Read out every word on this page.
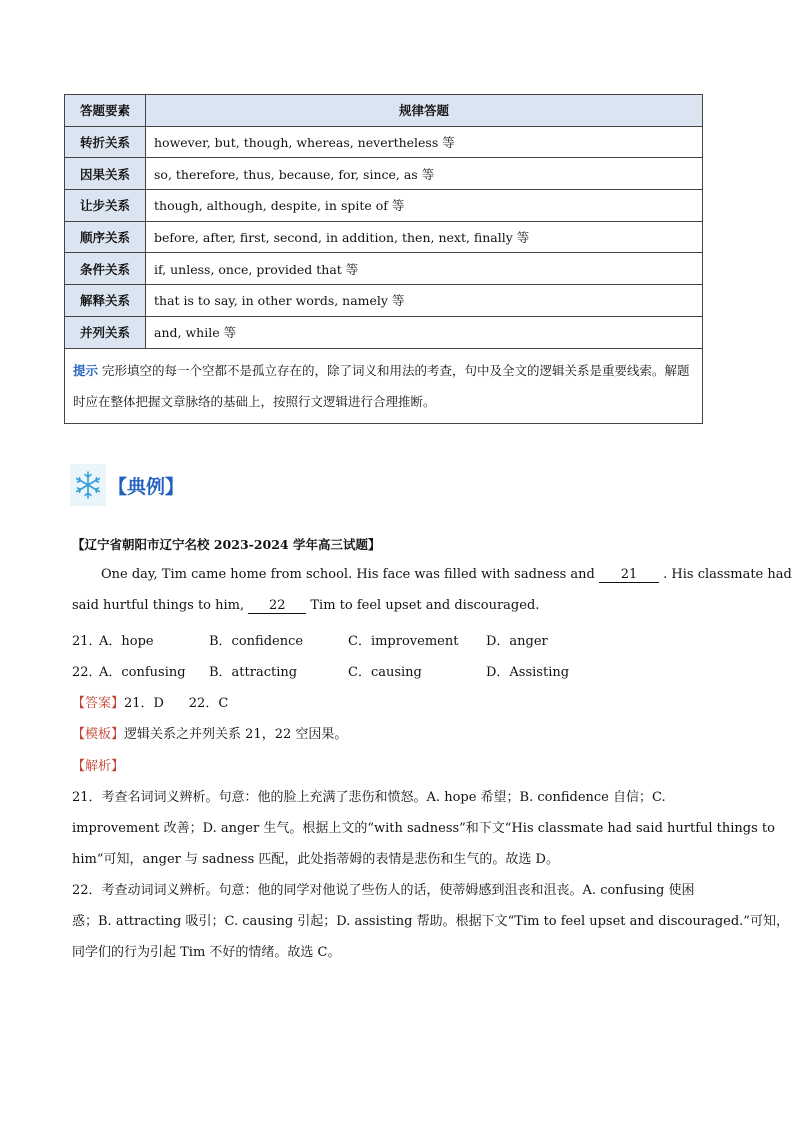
答题要素	规律答题
转折关系	however, but, though, whereas, nevertheless 等
因果关系	so, therefore, thus, because, for, since, as 等
让步关系	though, although, despite, in spite of 等
顺序关系	before, after, first, second, in addition, then, next, finally 等
条件关系	if, unless, once, provided that 等
解释关系	that is to say, in other words, namely 等
并列关系	and, while 等
提示 完形填空的每一个空都不是孤立存在的，除了词义和用法的考查，句中及全文的逻辑关系是重要线索。解题时应在整体把握文章脉络的基础上，按照行文逻辑进行合理推断。	
【典例】
【辽宁省朝阳市辽宁名校 2023-2024 学年高三试题】
One day, Tim came home from school. His face was filled with sadness and 21 . His classmate had
said hurtful things to him, 22 Tim to feel upset and discouraged.
21．
A．hope	B．confidence	C．improvement D．anger
22．
A．confusing B．attracting	C．causing	D．Assisting
【答案】21．D      22．C
【模板】逻辑关系之并列关系 21，22 空因果。
【解析】
21．考查名词词义辨析。句意：他的脸上充满了悲伤和愤怒。A. hope 希望；B. confidence 自信；C.
improvement 改善；D. anger 生气。根据上文的“with sadness”和下文“His classmate had said hurtful things to
him”可知，anger 与 sadness 匹配，此处指蒂姆的表情是悲伤和生气的。故选 D。
22．考查动词词义辨析。句意：他的同学对他说了些伤人的话，使蒂姆感到沮丧和沮丧。A. confusing 使困
惑；B. attracting 吸引；C. causing 引起；D. assisting 帮助。根据下文“Tim to feel upset and discouraged.”可知，
同学们的行为引起 Tim 不好的情绪。故选 C。
